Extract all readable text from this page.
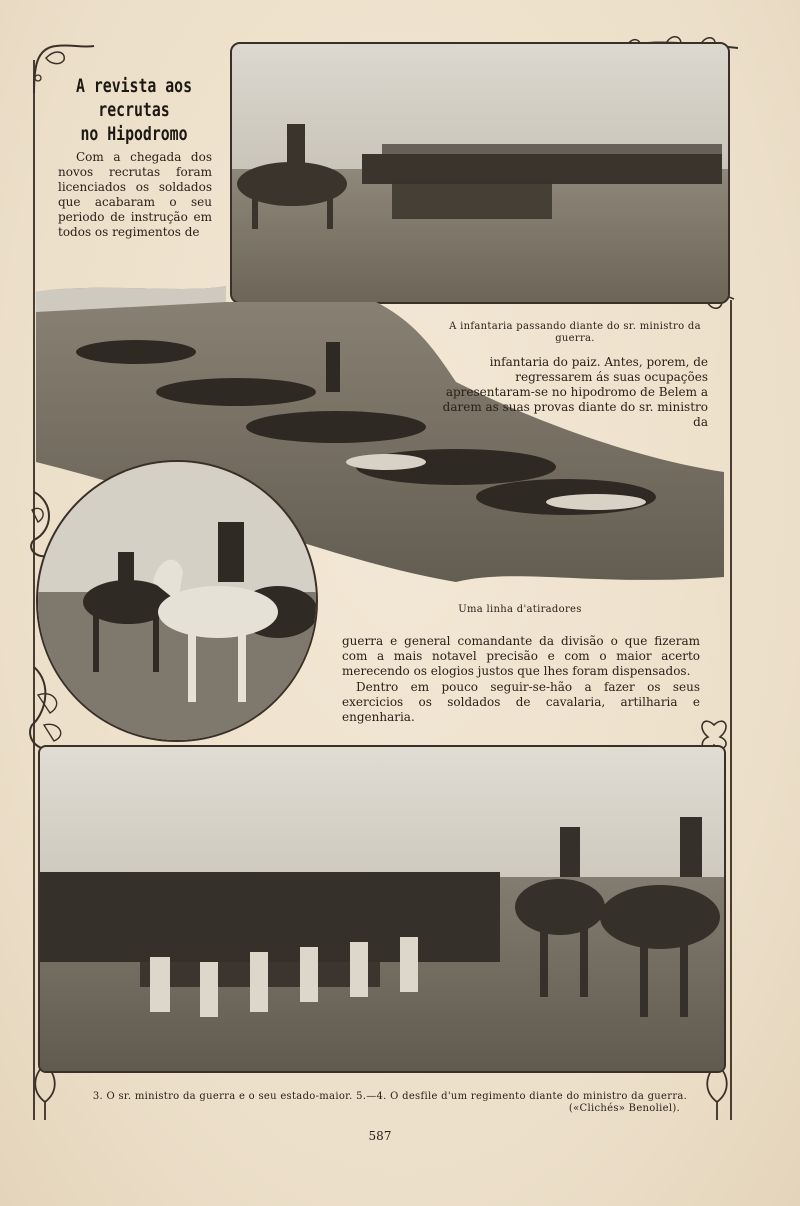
A revista aos recrutas
no Hipodromo
Com a chegada dos novos recrutas foram licenciados os soldados que acabaram o seu periodo de instrução em todos os regimentos de
A infantaria passando diante do sr. ministro da guerra.
infantaria do paiz. Antes, porem, de regressarem ás suas ocupações apresentaram-se no hipodromo de Belem a darem as suas provas diante do sr. ministro da
Uma linha d'atiradores
guerra e general comandante da divisão o que fizeram com a mais notavel precisão e com o maior acerto merecendo os elogios justos que lhes foram dispensados.
Dentro em pouco seguir-se-hão a fazer os seus exercicios os soldados de cavalaria, artilharia e engenharia.
3. O sr. ministro da guerra e o seu estado-maior. 5.—4. O desfile d'um regimento diante do ministro da guerra.
(«Clichés» Benoliel).
587
